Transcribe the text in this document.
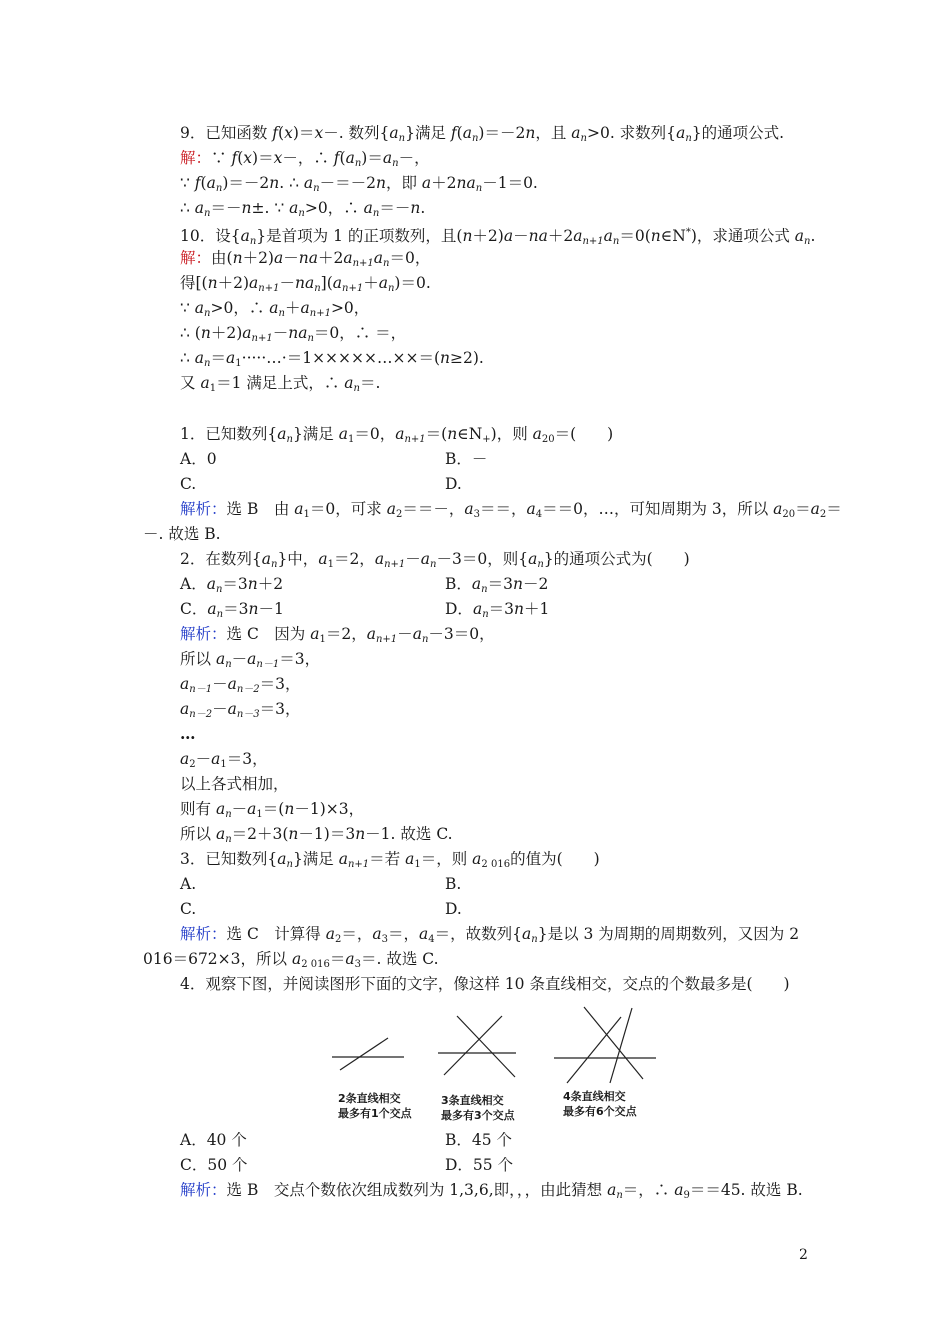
9．已知函数 f(x)＝x－. 数列$\{a_n\}$满足 $f(a_n)=-2n$，且 $a_n>0$. 求数列$\{a_n\}$的通项公式.
解：∵ f(x)＝x－，∴ $f(a_n)=a_n-$，
∵ $f(a_n)=-2n$. ∴ $a_n-=-2n$，即 $a+2na_n-1=0$.
∴ $a_n=-n\pm$. ∵ $a_n>0$，∴ $a_n=-n$.
10．设$\{a_n\}$是首项为 1 的正项数列，且$(n+2)a-na+2a_{n+1}a_n=0(n\in N^*)$，求通项公式 $a_n$.
解：由$(n+2)a-na+2a_{n+1}a_n=0$，
得$[(n+2)a_{n+1}-na_n](a_{n+1}+a_n)=0$.
∵ $a_n>0$，∴ $a_n+a_{n+1}>0$，
∴ $(n+2)a_{n+1}-na_n=0$，∴ ＝，
∴ $a_n=a_1\cdot\cdot\cdot\cdot\cdot\dots\cdot=1\times\times\times\times\times\dots\times\times=(n\ge 2)$.
又 $a_1=1$ 满足上式，∴ $a_n=$.
1．已知数列$\{a_n\}$满足 $a_1=0$，$a_{n+1}=(n\in N_+)$，则 $a_{20}=$(　　)
A．0	B．－
C.	D.
解析：选 B　由 $a_1=0$，可求 $a_2==-$，$a_3==$，$a_4==0$，…，可知周期为 3，所以 $a_{20}=a_2=$
－. 故选 B.
2．在数列$\{a_n\}$中，$a_1=2$，$a_{n+1}-a_n-3=0$，则$\{a_n\}$的通项公式为(　　)
A．$a_n=3n+2$	B．$a_n=3n-2$
C．$a_n=3n-1$	D．$a_n=3n+1$
解析：选 C　因为 $a_1=2$，$a_{n+1}-a_n-3=0$，
所以 $a_n-a_{n-1}=3$，
$a_{n-1}-a_{n-2}=3$，
$a_{n-2}-a_{n-3}=3$，
…
$a_2-a_1=3$，
以上各式相加，
则有 $a_n-a_1=(n-1)\times 3$，
所以 $a_n=2+3(n-1)=3n-1$. 故选 C.
3．已知数列$\{a_n\}$满足 $a_{n+1}=$若 $a_1=$，则 $a_{2 016}$的值为(　　)
A.	B.
C.	D.
解析：选 C　计算得 $a_2=$，$a_3=$，$a_4=$，故数列$\{a_n\}$是以 3 为周期的周期数列，又因为 2
016＝672×3，所以 $a_{2 016}=a_3=$. 故选 C.
4．观察下图，并阅读图形下面的文字，像这样 10 条直线相交，交点的个数最多是(　　)
2条直线相交
最多有1个交点
3条直线相交
最多有3个交点
4条直线相交
最多有6个交点
A．40 个	B．45 个
C．50 个	D．55 个
解析：选 B　交点个数依次组成数列为 1,3,6,即，，，由此猜想 $a_n=$，∴ $a_9==45$. 故选 B.
2
